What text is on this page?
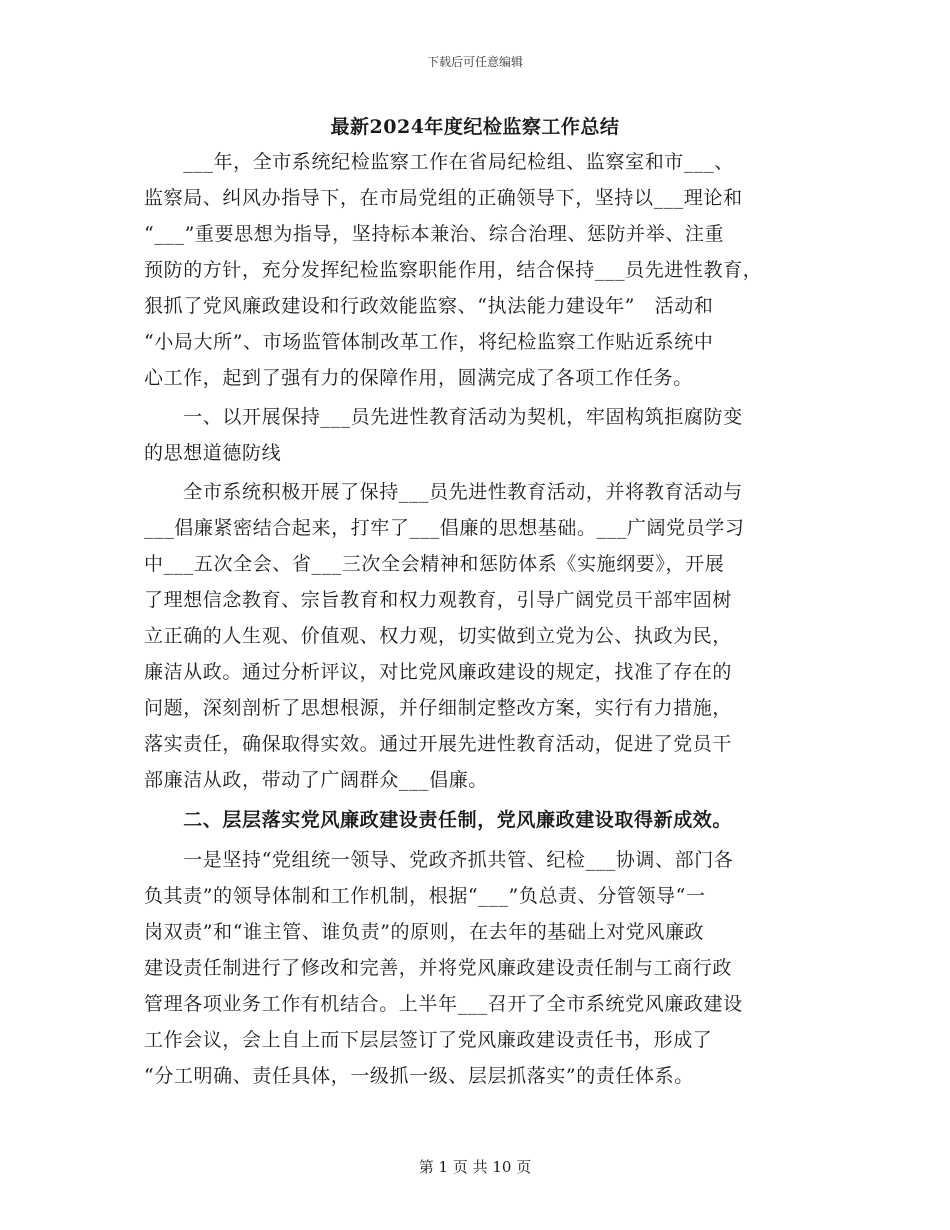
下载后可任意编辑
最新2024年度纪检监察工作总结
　　___年，全市系统纪检监察工作在省局纪检组、监察室和市___、
监察局、纠风办指导下，在市局党组的正确领导下，坚持以___理论和
“___”重要思想为指导，坚持标本兼治、综合治理、惩防并举、注重
预防的方针，充分发挥纪检监察职能作用，结合保持___员先进性教育，
狠抓了党风廉政建设和行政效能监察、“执法能力建设年”　活动和
“小局大所”、市场监管体制改革工作，将纪检监察工作贴近系统中
心工作，起到了强有力的保障作用，圆满完成了各项工作任务。
　　一、以开展保持___员先进性教育活动为契机，牢固构筑拒腐防变
的思想道德防线
　　全市系统积极开展了保持___员先进性教育活动，并将教育活动与
___倡廉紧密结合起来，打牢了___倡廉的思想基础。___广阔党员学习
中___五次全会、省___三次全会精神和惩防体系《实施纲要》，开展
了理想信念教育、宗旨教育和权力观教育，引导广阔党员干部牢固树
立正确的人生观、价值观、权力观，切实做到立党为公、执政为民，
廉洁从政。通过分析评议，对比党风廉政建设的规定，找准了存在的
问题，深刻剖析了思想根源，并仔细制定整改方案，实行有力措施，
落实责任，确保取得实效。通过开展先进性教育活动，促进了党员干
部廉洁从政，带动了广阔群众___倡廉。
　　二、层层落实党风廉政建设责任制，党风廉政建设取得新成效。
　　一是坚持“党组统一领导、党政齐抓共管、纪检___协调、部门各
负其责”的领导体制和工作机制，根据“___”负总责、分管领导“一
岗双责”和“谁主管、谁负责”的原则，在去年的基础上对党风廉政
建设责任制进行了修改和完善，并将党风廉政建设责任制与工商行政
管理各项业务工作有机结合。上半年___召开了全市系统党风廉政建设
工作会议，会上自上而下层层签订了党风廉政建设责任书，形成了
“分工明确、责任具体，一级抓一级、层层抓落实”的责任体系。
第 1 页 共 10 页
